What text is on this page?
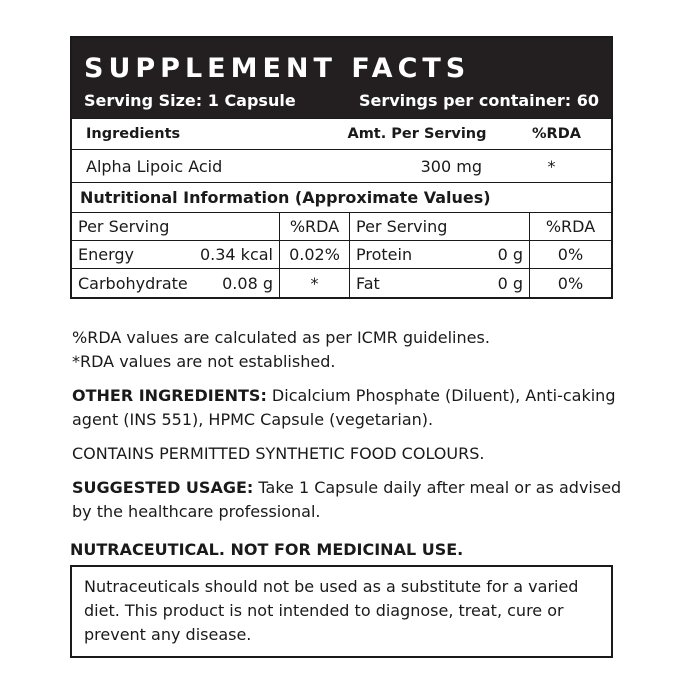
SUPPLEMENT FACTS
Serving Size: 1 Capsule	Servings per container: 60
Ingredients	Amt. Per Serving	%RDA
Alpha Lipoic Acid	300 mg	*
Nutritional Information (Approximate Values)
Per Serving	%RDA	Per Serving	%RDA
Energy	0.34 kcal	0.02%	Protein	0 g	0%
Carbohydrate 0.08 g	*	Fat	0 g	0%

%RDA values are calculated as per ICMR guidelines.

*RDA values are not established.

OTHER INGREDIENTS: Dicalcium Phosphate (Diluent), Anti-caking agent (INS 551), HPMC Capsule (vegetarian).

CONTAINS PERMITTED SYNTHETIC FOOD COLOURS.

SUGGESTED USAGE: Take 1 Capsule daily after meal or as advised by the healthcare professional.

NUTRACEUTICAL. NOT FOR MEDICINAL USE.
Nutraceuticals should not be used as a substitute for a varied diet. This product is not intended to diagnose, treat, cure or prevent any disease.
